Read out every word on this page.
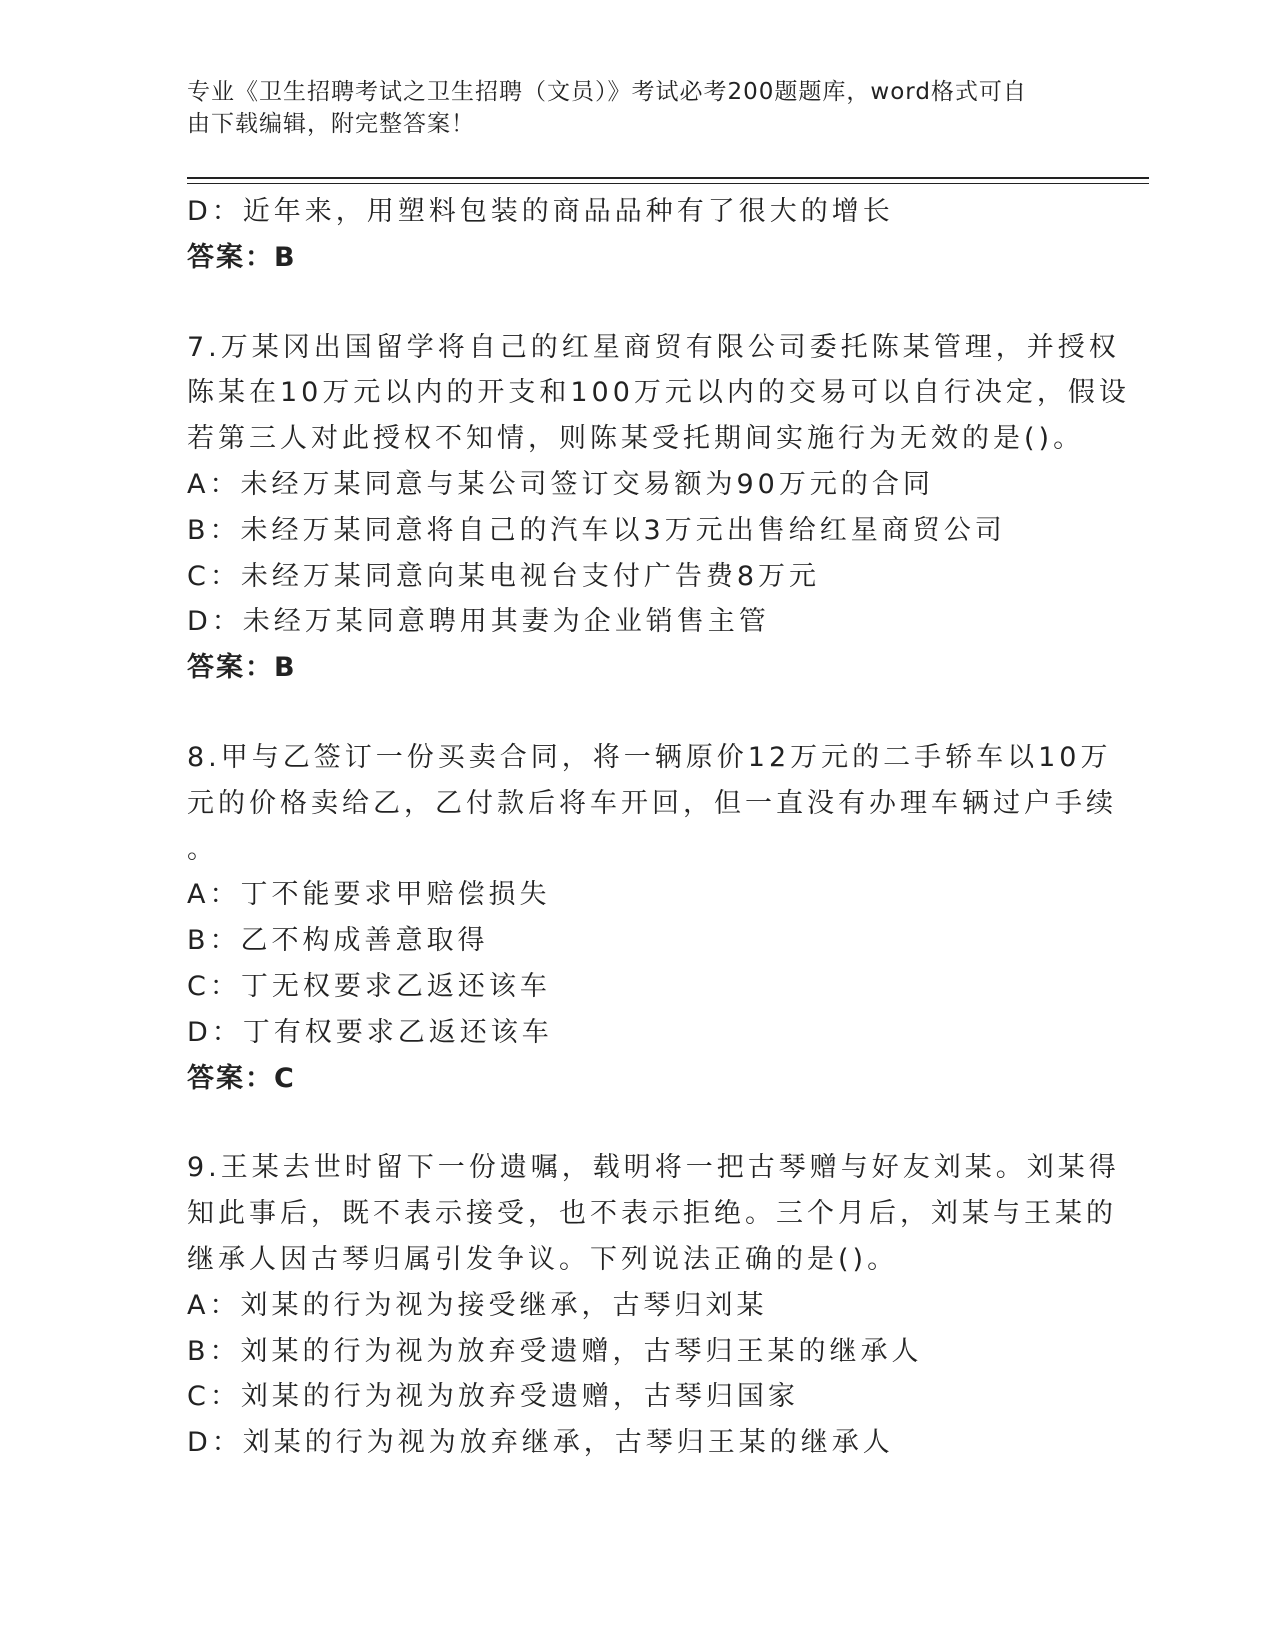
专业《卫生招聘考试之卫生招聘（文员）》考试必考200题题库，word格式可自
由下载编辑，附完整答案！
D：近年来，用塑料包装的商品品种有了很大的增长
答案：B
7.万某冈出国留学将自己的红星商贸有限公司委托陈某管理，并授权
陈某在10万元以内的开支和100万元以内的交易可以自行决定，假设
若第三人对此授权不知情，则陈某受托期间实施行为无效的是()。
A：未经万某同意与某公司签订交易额为90万元的合同
B：未经万某同意将自己的汽车以3万元出售给红星商贸公司
C：未经万某同意向某电视台支付广告费8万元
D：未经万某同意聘用其妻为企业销售主管
答案：B
8.甲与乙签订一份买卖合同，将一辆原价12万元的二手轿车以10万
元的价格卖给乙，乙付款后将车开回，但一直没有办理车辆过户手续
。
A：丁不能要求甲赔偿损失
B：乙不构成善意取得
C：丁无权要求乙返还该车
D：丁有权要求乙返还该车
答案：C
9.王某去世时留下一份遗嘱，载明将一把古琴赠与好友刘某。刘某得
知此事后，既不表示接受，也不表示拒绝。三个月后，刘某与王某的
继承人因古琴归属引发争议。下列说法正确的是()。
A：刘某的行为视为接受继承，古琴归刘某
B：刘某的行为视为放弃受遗赠，古琴归王某的继承人
C：刘某的行为视为放弃受遗赠，古琴归国家
D：刘某的行为视为放弃继承，古琴归王某的继承人
